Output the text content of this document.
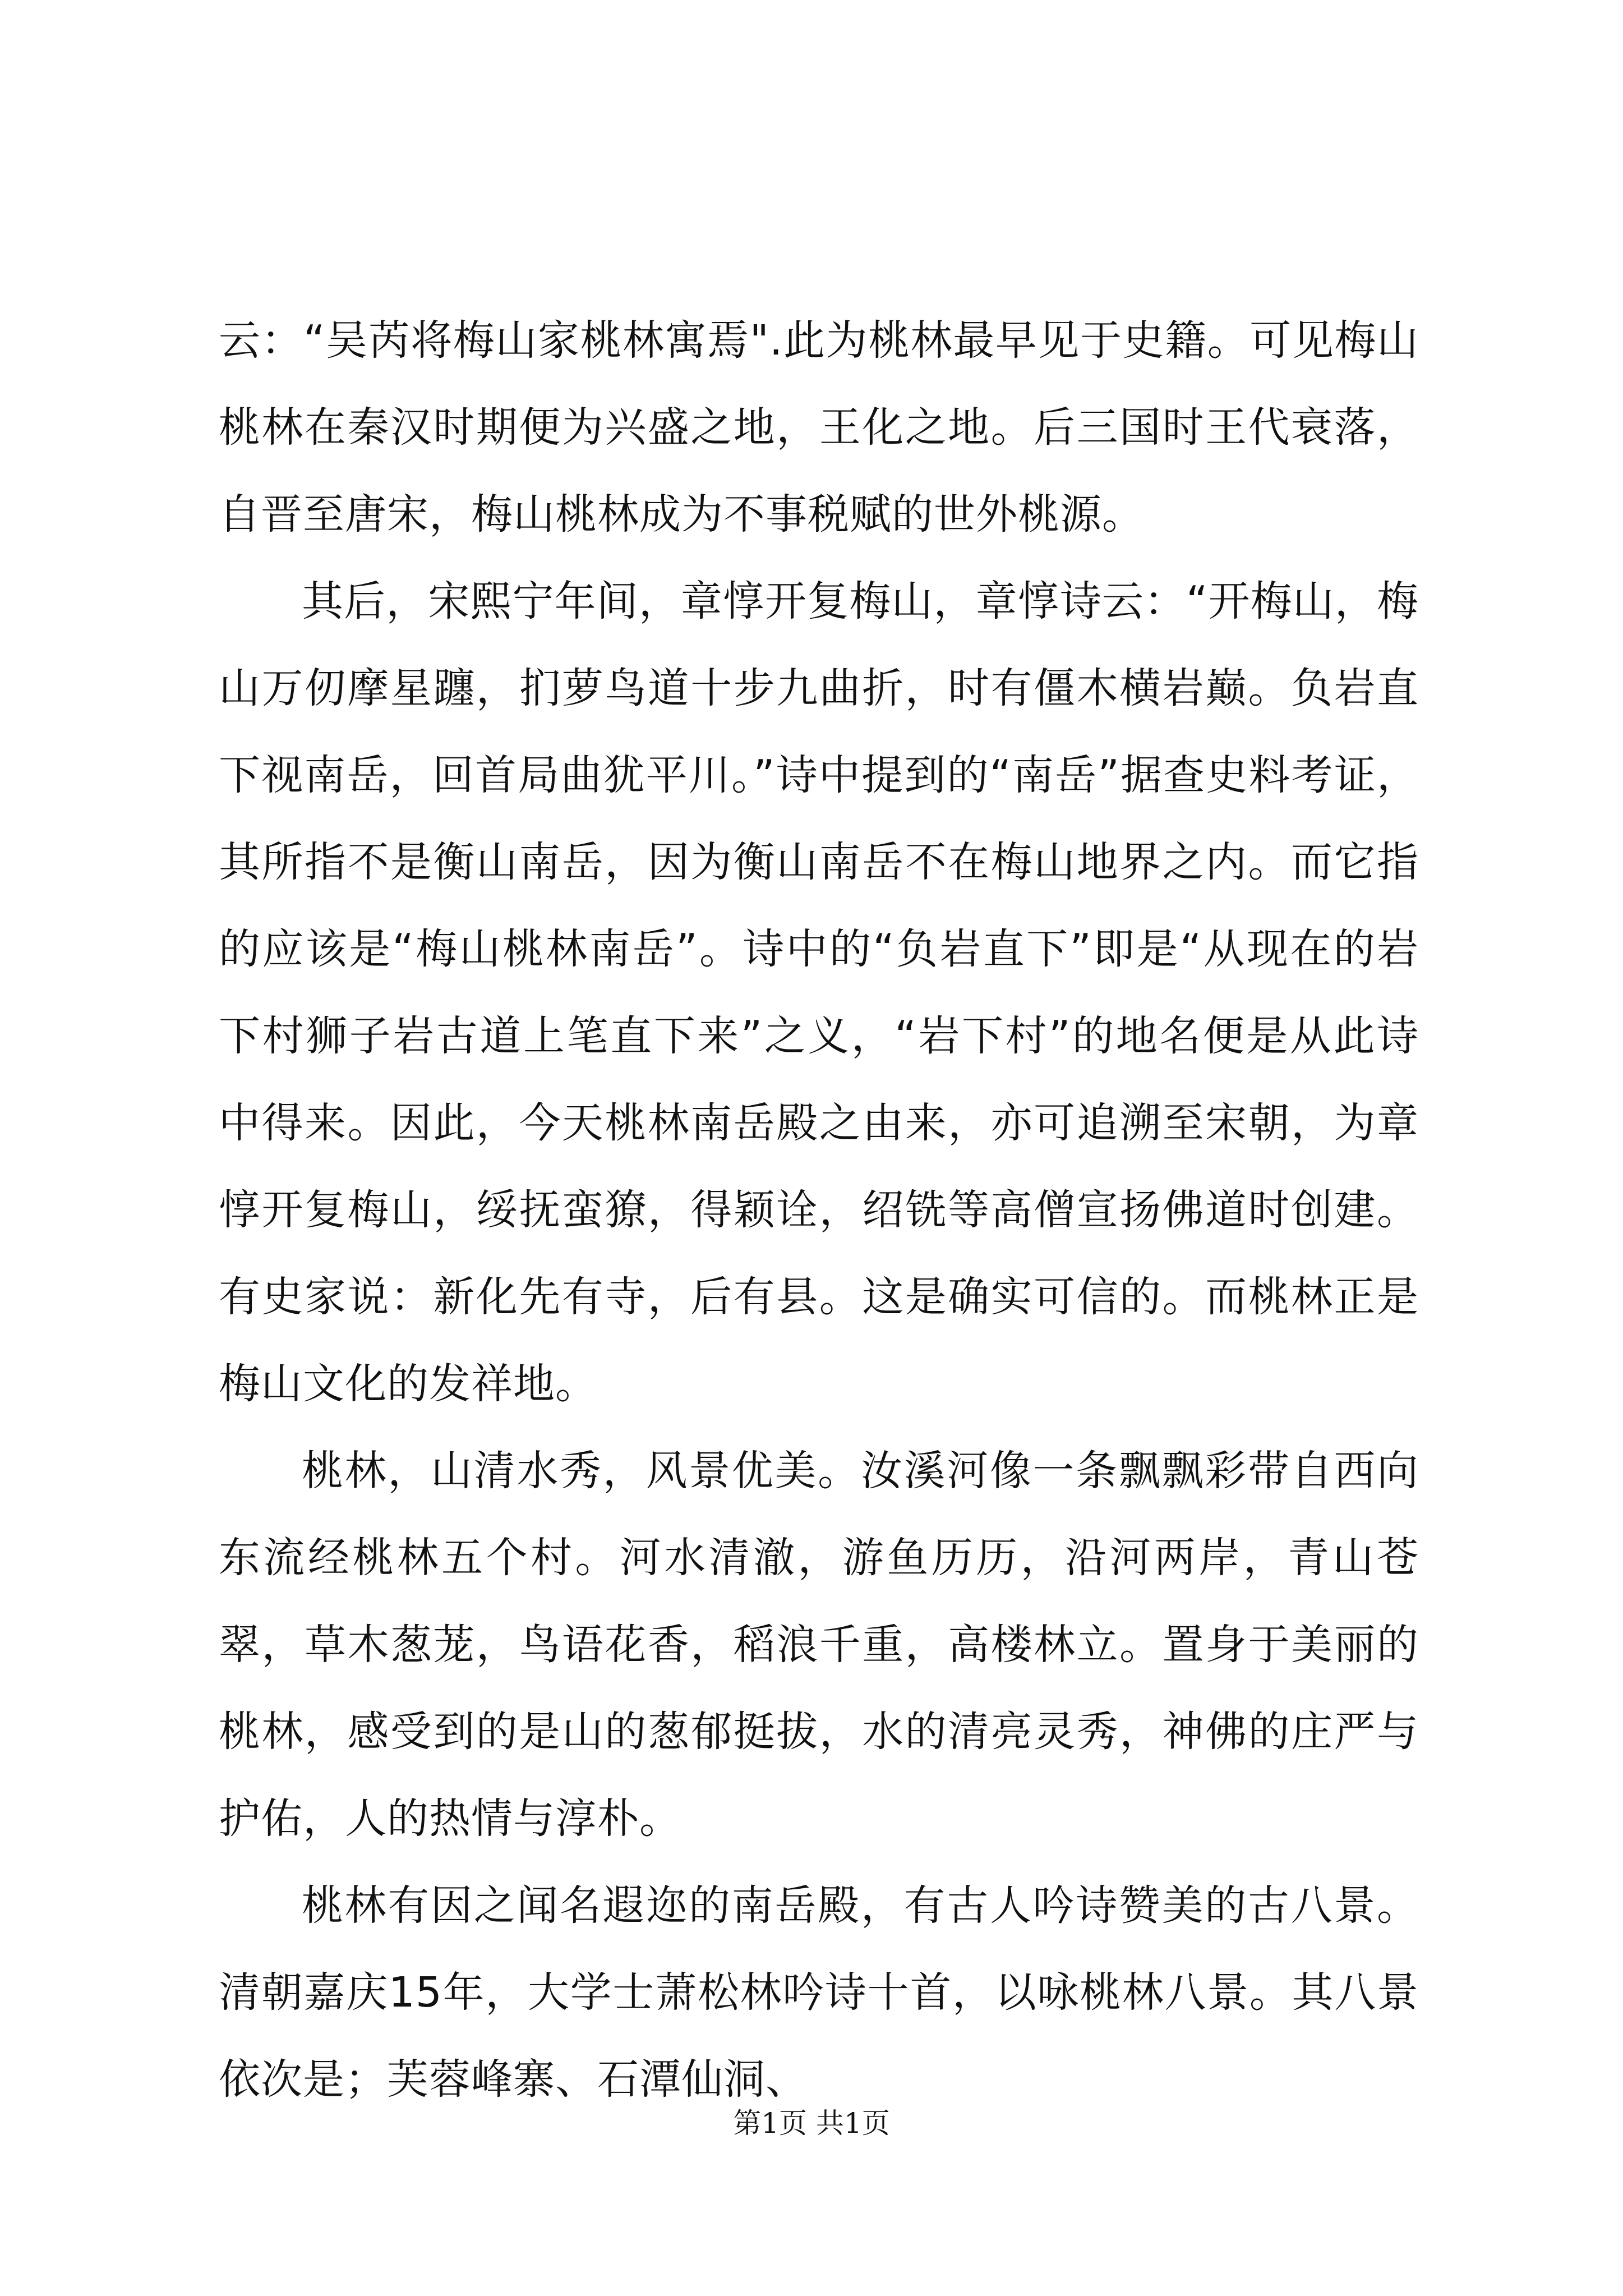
云：“吴芮将梅山家桃林寓焉".此为桃林最早见于史籍。可见梅山桃林在秦汉时期便为兴盛之地，王化之地。后三国时王代衰落，自晋至唐宋，梅山桃林成为不事税赋的世外桃源。

其后，宋熙宁年间，章惇开复梅山，章惇诗云：“开梅山，梅山万仞摩星躔，扪萝鸟道十步九曲折，时有僵木横岩巅。负岩直下视南岳，回首局曲犹平川。”诗中提到的“南岳”据查史料考证，其所指不是衡山南岳，因为衡山南岳不在梅山地界之内。而它指的应该是“梅山桃林南岳”。诗中的“负岩直下”即是“从现在的岩下村狮子岩古道上笔直下来”之义，“岩下村”的地名便是从此诗中得来。因此，今天桃林南岳殿之由来，亦可追溯至宋朝，为章惇开复梅山，绥抚蛮獠，得颖诠，绍铣等高僧宣扬佛道时创建。有史家说：新化先有寺，后有县。这是确实可信的。而桃林正是梅山文化的发祥地。

桃林，山清水秀，风景优美。汝溪河像一条飘飘彩带自西向东流经桃林五个村。河水清澈，游鱼历历，沿河两岸，青山苍翠，草木葱茏，鸟语花香，稻浪千重，高楼林立。置身于美丽的桃林，感受到的是山的葱郁挺拔，水的清亮灵秀，神佛的庄严与护佑，人的热情与淳朴。

桃林有因之闻名遐迩的南岳殿，有古人吟诗赞美的古八景。清朝嘉庆15年，大学士萧松林吟诗十首，以咏桃林八景。其八景依次是；芙蓉峰寨、石潭仙洞、

第1页 共1页
